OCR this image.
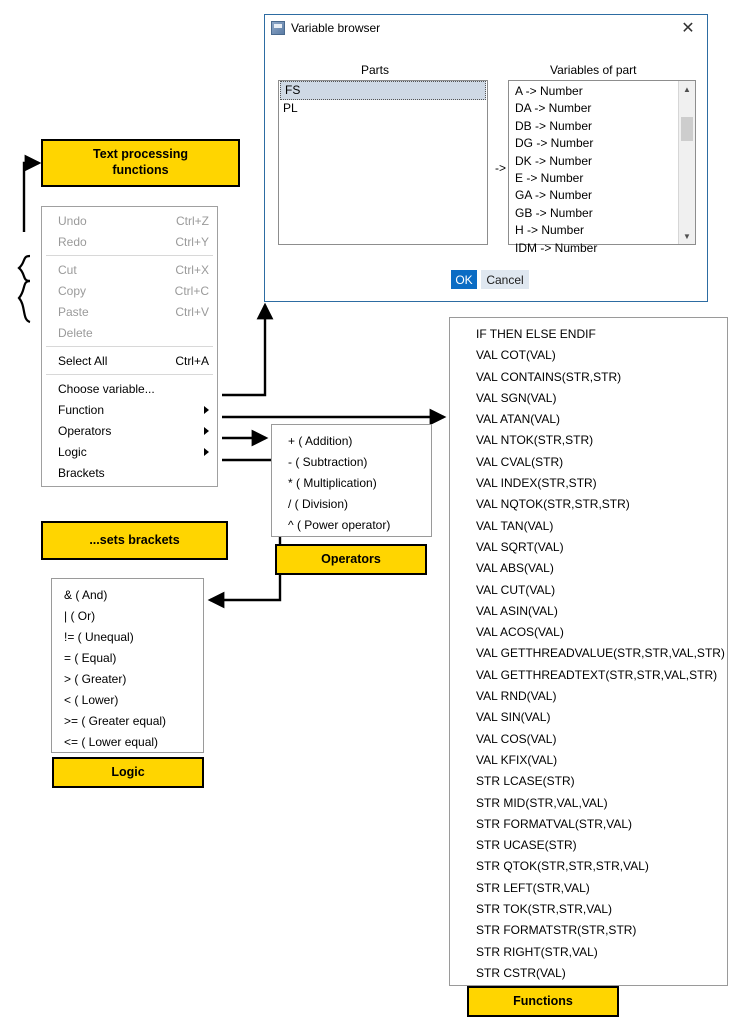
Variable browser	✕
Parts	Variables of part
FS
PL
->
A -> Number
DA -> Number
DB -> Number
DG -> Number
DK -> Number
E -> Number
GA -> Number
GB -> Number
H -> Number
IDM -> Number
▲
▼
OK	Cancel
Text processing
functions
Undo	Ctrl+Z
Redo	Ctrl+Y
Cut	Ctrl+X
Copy	Ctrl+C
Paste	Ctrl+V
Delete
Select All	Ctrl+A
Choose variable...
Function
Operators
Logic
Brackets
...sets brackets
+ ( Addition)
- ( Subtraction)
* ( Multiplication)
/ ( Division)
^ ( Power operator)
Operators
& ( And)
| ( Or)
!= ( Unequal)
= ( Equal)
> ( Greater)
< ( Lower)
>= ( Greater equal)
<= ( Lower equal)
Logic
IF THEN ELSE ENDIF
VAL COT(VAL)
VAL CONTAINS(STR,STR)
VAL SGN(VAL)
VAL ATAN(VAL)
VAL NTOK(STR,STR)
VAL CVAL(STR)
VAL INDEX(STR,STR)
VAL NQTOK(STR,STR,STR)
VAL TAN(VAL)
VAL SQRT(VAL)
VAL ABS(VAL)
VAL CUT(VAL)
VAL ASIN(VAL)
VAL ACOS(VAL)
VAL GETTHREADVALUE(STR,STR,VAL,STR)
VAL GETTHREADTEXT(STR,STR,VAL,STR)
VAL RND(VAL)
VAL SIN(VAL)
VAL COS(VAL)
VAL KFIX(VAL)
STR LCASE(STR)
STR MID(STR,VAL,VAL)
STR FORMATVAL(STR,VAL)
STR UCASE(STR)
STR QTOK(STR,STR,STR,VAL)
STR LEFT(STR,VAL)
STR TOK(STR,STR,VAL)
STR FORMATSTR(STR,STR)
STR RIGHT(STR,VAL)
STR CSTR(VAL)
Functions
